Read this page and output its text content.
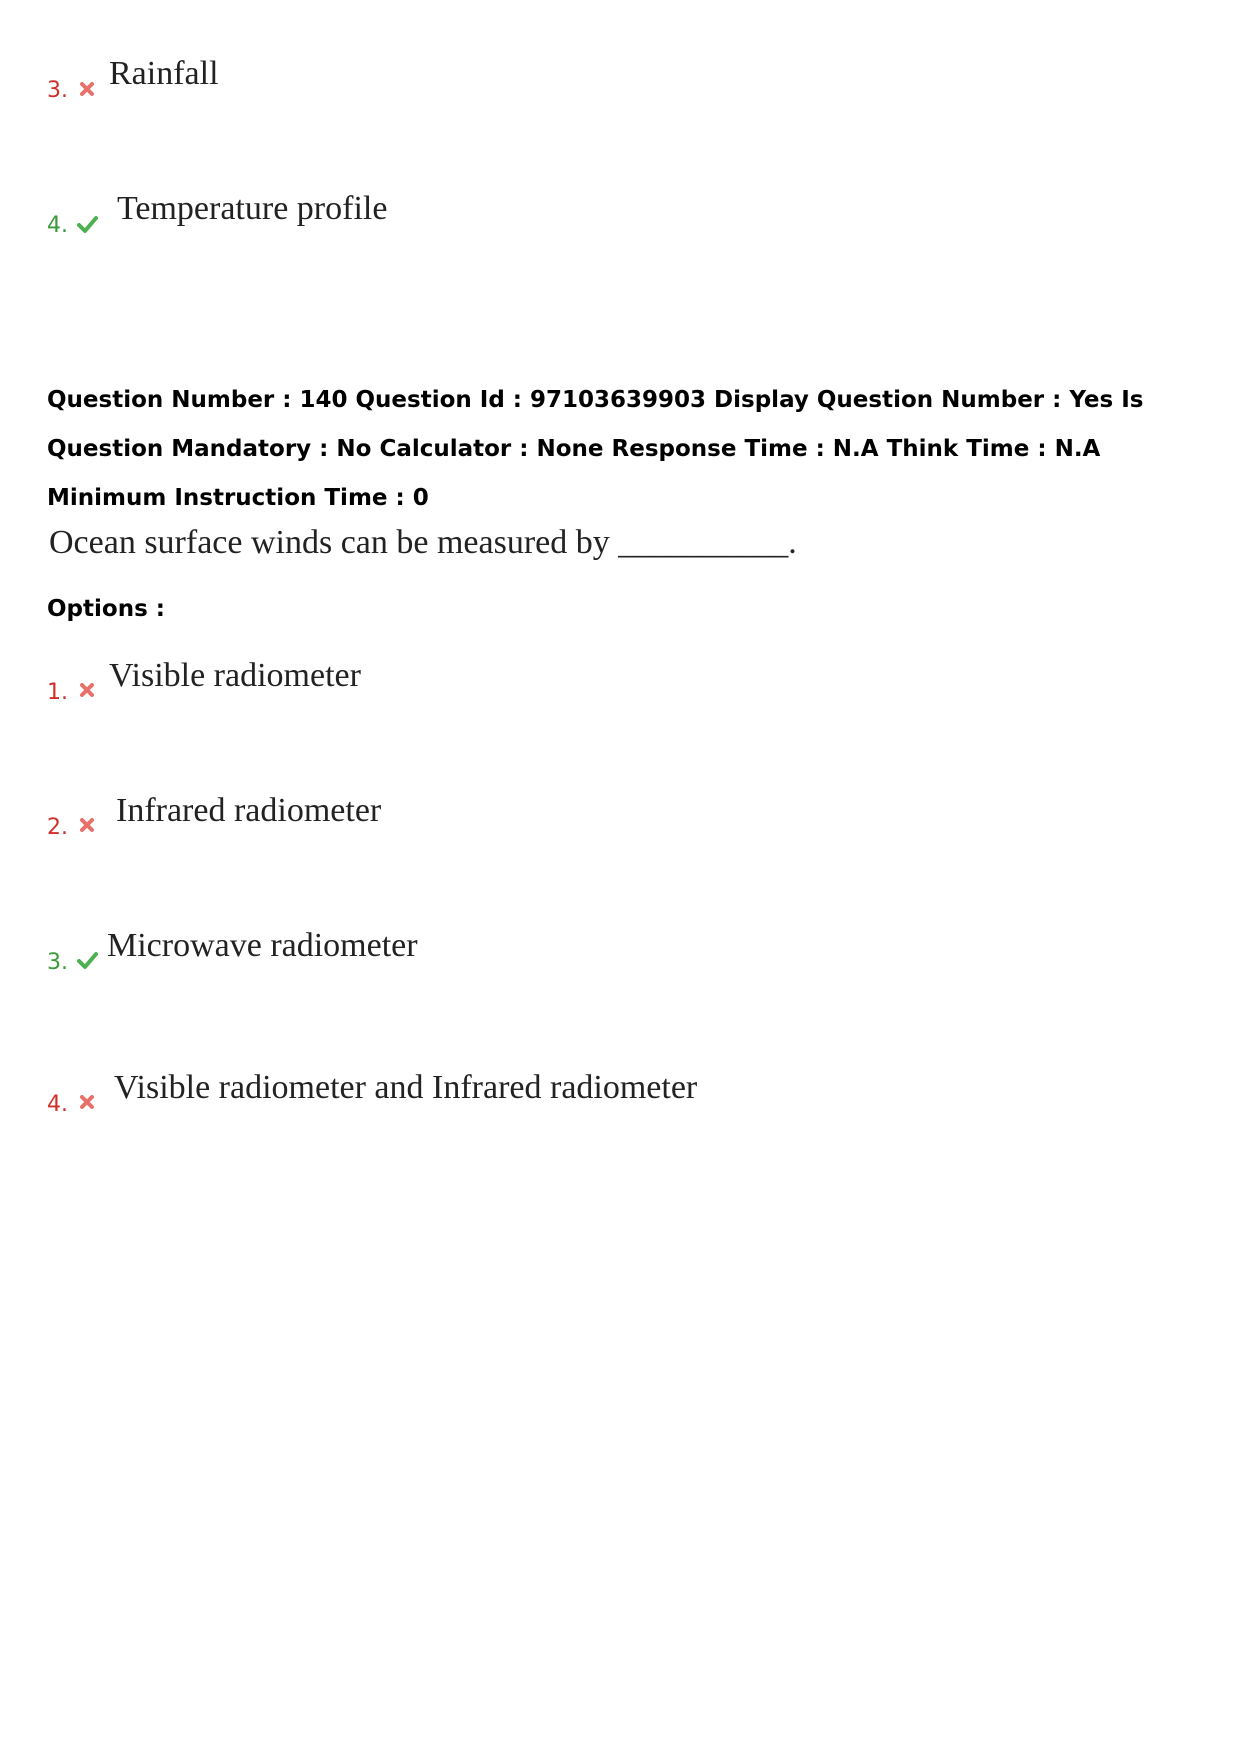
3. Rainfall
4. Temperature profile
Question Number : 140 Question Id : 97103639903 Display Question Number : Yes Is Question Mandatory : No Calculator : None Response Time : N.A Think Time : N.A Minimum Instruction Time : 0
Ocean surface winds can be measured by __________.
Options :
1. Visible radiometer
2. Infrared radiometer
3. Microwave radiometer
4. Visible radiometer and Infrared radiometer
